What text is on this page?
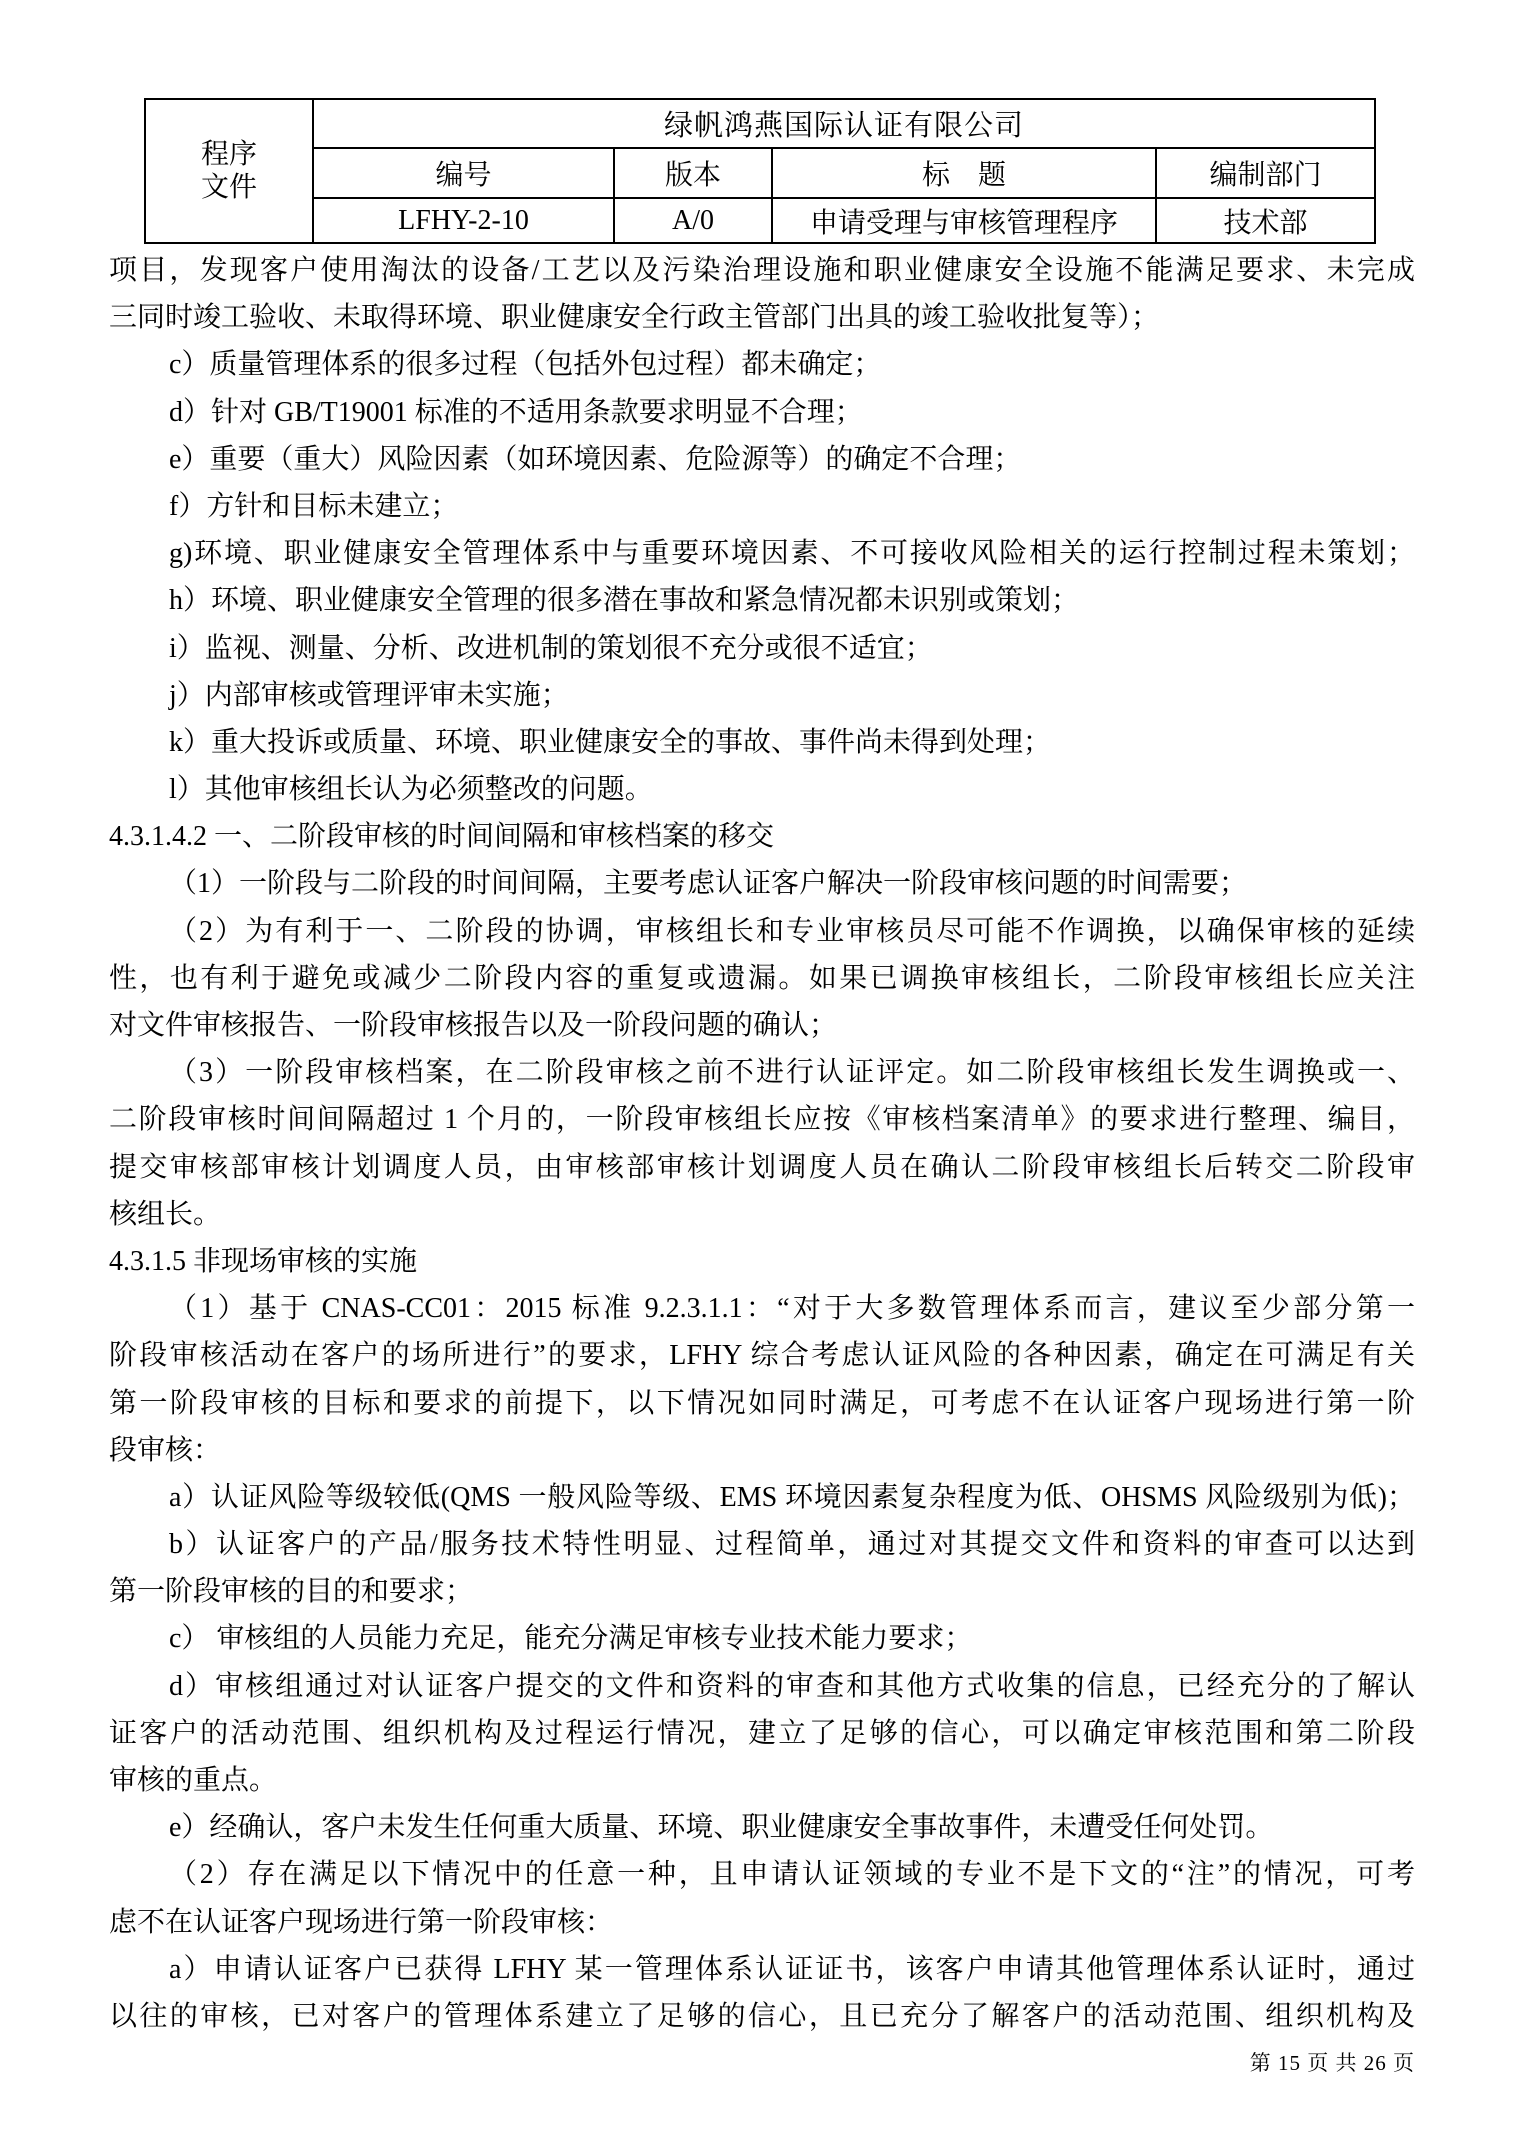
程序
文件
绿帆鸿燕国际认证有限公司
编号	版本	标　题	编制部门
LFHY-2-10	A/0	申请受理与审核管理程序	技术部
项目，发现客户使用淘汰的设备/工艺以及污染治理设施和职业健康安全设施不能满足要求、未完成
三同时竣工验收、未取得环境、职业健康安全行政主管部门出具的竣工验收批复等）；
c）质量管理体系的很多过程（包括外包过程）都未确定；
d）针对 GB/T19001 标准的不适用条款要求明显不合理；
e）重要（重大）风险因素（如环境因素、危险源等）的确定不合理；
f）方针和目标未建立；
g)环境、职业健康安全管理体系中与重要环境因素、不可接收风险相关的运行控制过程未策划；
h）环境、职业健康安全管理的很多潜在事故和紧急情况都未识别或策划；
i）监视、测量、分析、改进机制的策划很不充分或很不适宜；
j）内部审核或管理评审未实施；
k）重大投诉或质量、环境、职业健康安全的事故、事件尚未得到处理；
l）其他审核组长认为必须整改的问题。
4.3.1.4.2 一、二阶段审核的时间间隔和审核档案的移交
（1）一阶段与二阶段的时间间隔，主要考虑认证客户解决一阶段审核问题的时间需要；
（2）为有利于一、二阶段的协调，审核组长和专业审核员尽可能不作调换，以确保审核的延续
性，也有利于避免或减少二阶段内容的重复或遗漏。如果已调换审核组长，二阶段审核组长应关注
对文件审核报告、一阶段审核报告以及一阶段问题的确认；
（3）一阶段审核档案，在二阶段审核之前不进行认证评定。如二阶段审核组长发生调换或一、
二阶段审核时间间隔超过 1 个月的，一阶段审核组长应按《审核档案清单》的要求进行整理、编目，
提交审核部审核计划调度人员，由审核部审核计划调度人员在确认二阶段审核组长后转交二阶段审
核组长。
4.3.1.5 非现场审核的实施
（1）基于 CNAS-CC01：2015 标准 9.2.3.1.1：“对于大多数管理体系而言，建议至少部分第一
阶段审核活动在客户的场所进行”的要求，LFHY 综合考虑认证风险的各种因素，确定在可满足有关
第一阶段审核的目标和要求的前提下，以下情况如同时满足，可考虑不在认证客户现场进行第一阶
段审核：
a）认证风险等级较低(QMS 一般风险等级、EMS 环境因素复杂程度为低、OHSMS 风险级别为低)；
b）认证客户的产品/服务技术特性明显、过程简单，通过对其提交文件和资料的审查可以达到
第一阶段审核的目的和要求；
c） 审核组的人员能力充足，能充分满足审核专业技术能力要求；
d）审核组通过对认证客户提交的文件和资料的审查和其他方式收集的信息，已经充分的了解认
证客户的活动范围、组织机构及过程运行情况，建立了足够的信心，可以确定审核范围和第二阶段
审核的重点。
e）经确认，客户未发生任何重大质量、环境、职业健康安全事故事件，未遭受任何处罚。
（2）存在满足以下情况中的任意一种，且申请认证领域的专业不是下文的“注”的情况，可考
虑不在认证客户现场进行第一阶段审核：
a）申请认证客户已获得 LFHY 某一管理体系认证证书，该客户申请其他管理体系认证时，通过
以往的审核，已对客户的管理体系建立了足够的信心，且已充分了解客户的活动范围、组织机构及
第 15 页 共 26 页
